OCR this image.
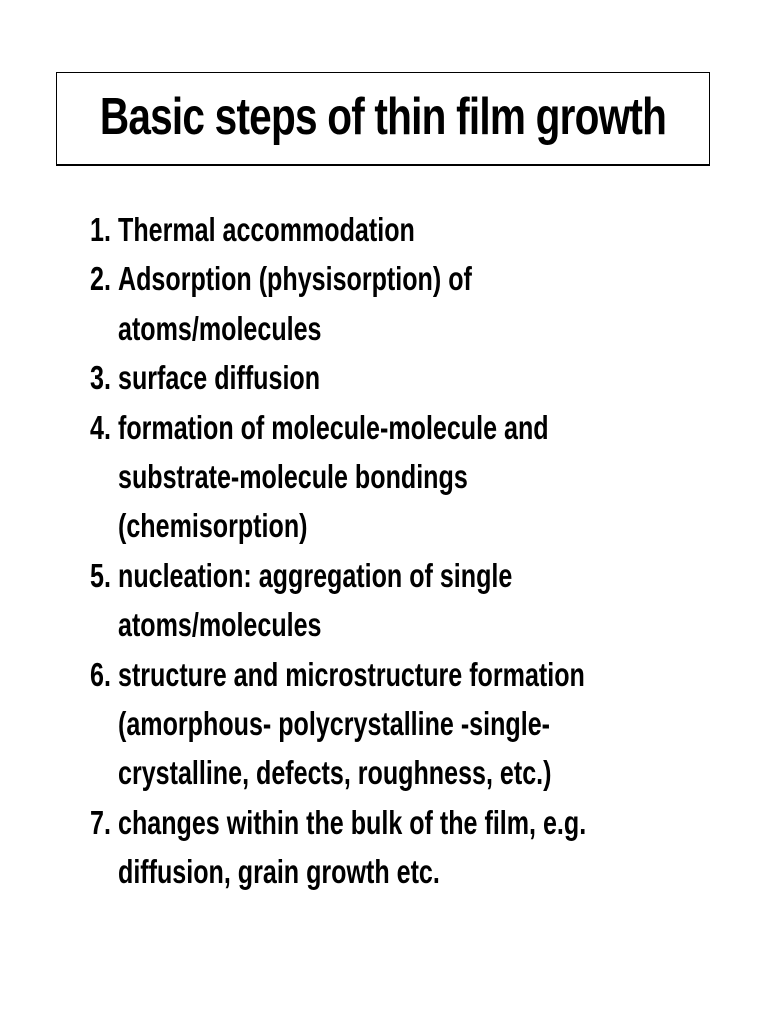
Basic steps of thin film growth
1. Thermal accommodation
2. Adsorption (physisorption) of
atoms/molecules
3. surface diffusion
4. formation of molecule-molecule and
substrate-molecule bondings
(chemisorption)
5. nucleation: aggregation of single
atoms/molecules
6. structure and microstructure formation
(amorphous- polycrystalline -single-
crystalline, defects, roughness, etc.)
7. changes within the bulk of the film, e.g.
diffusion, grain growth etc.
